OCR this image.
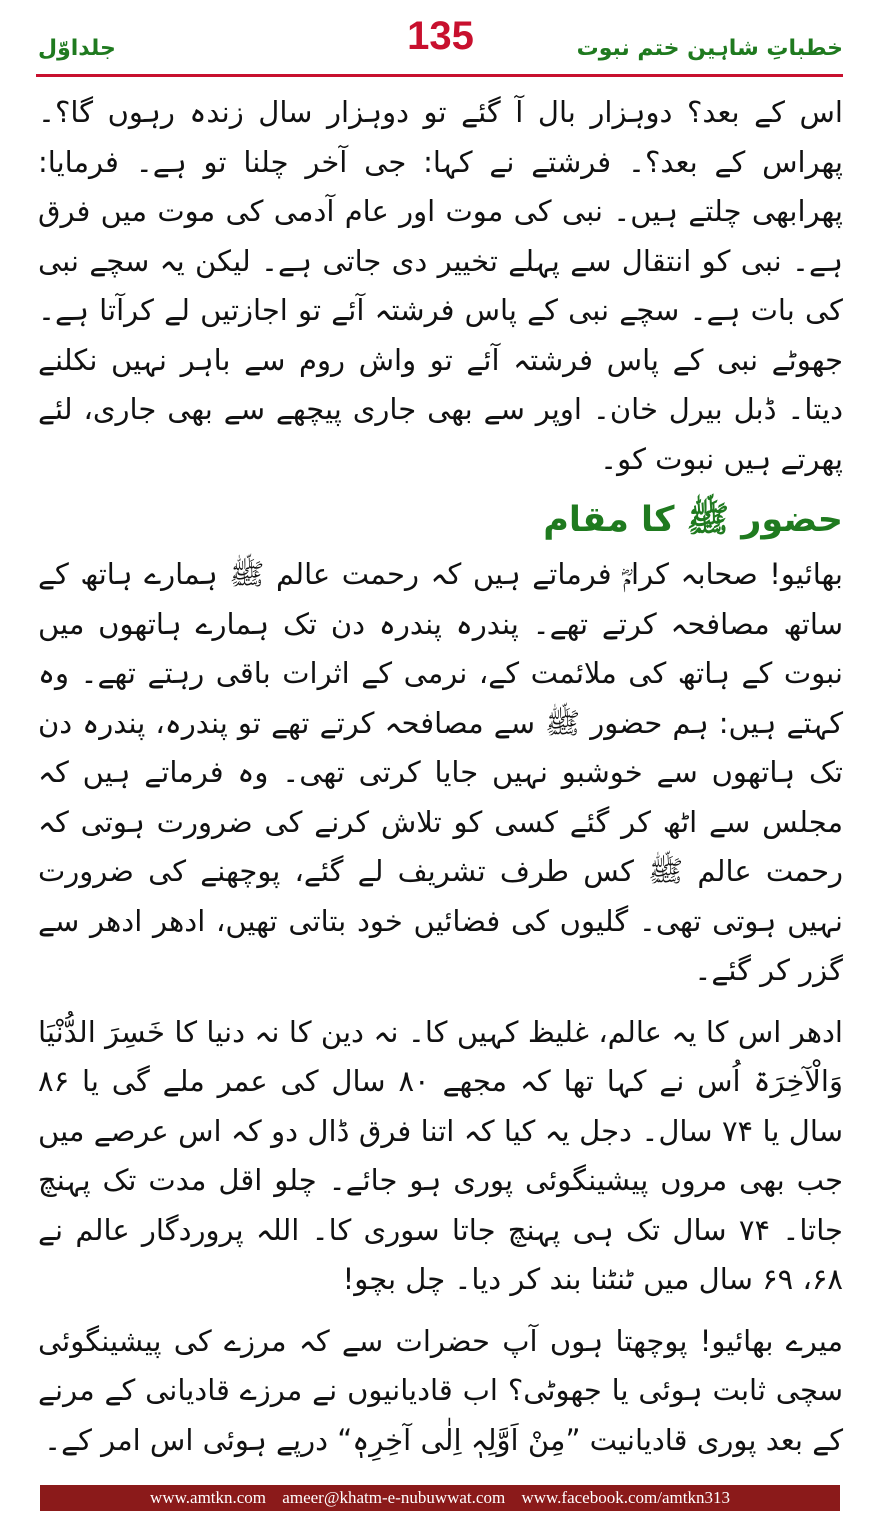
جلداوّل	135	خطباتِ شاہین ختم نبوت

اس کے بعد؟ دوہزار بال آ گئے تو دوہزار سال زندہ رہوں گا؟۔ پھراس کے بعد؟۔ فرشتے نے کہا: جی آخر چلنا تو ہے۔ فرمایا: پھرابھی چلتے ہیں۔ نبی کی موت اور عام آدمی کی موت میں فرق ہے۔ نبی کو انتقال سے پہلے تخییر دی جاتی ہے۔ لیکن یہ سچے نبی کی بات ہے۔ سچے نبی کے پاس فرشتہ آئے تو اجازتیں لے کرآتا ہے۔ جھوٹے نبی کے پاس فرشتہ آئے تو واش روم سے باہر نہیں نکلنے دیتا۔ ڈبل بیرل خان۔ اوپر سے بھی جاری پیچھے سے بھی جاری، لئے پھرتے ہیں نبوت کو۔

حضور ﷺ کا مقام

بھائیو! صحابہ کرامؓ فرماتے ہیں کہ رحمت عالم ﷺ ہمارے ہاتھ کے ساتھ مصافحہ کرتے تھے۔ پندرہ پندرہ دن تک ہمارے ہاتھوں میں نبوت کے ہاتھ کی ملائمت کے، نرمی کے اثرات باقی رہتے تھے۔ وہ کہتے ہیں: ہم حضور ﷺ سے مصافحہ کرتے تھے تو پندرہ، پندرہ دن تک ہاتھوں سے خوشبو نہیں جایا کرتی تھی۔ وہ فرماتے ہیں کہ مجلس سے اٹھ کر گئے کسی کو تلاش کرنے کی ضرورت ہوتی کہ رحمت عالم ﷺ کس طرف تشریف لے گئے، پوچھنے کی ضرورت نہیں ہوتی تھی۔ گلیوں کی فضائیں خود بتاتی تھیں، ادھر ادھر سے گزر کر گئے۔

ادھر اس کا یہ عالم، غلیظ کہیں کا۔ نہ دین کا نہ دنیا کا خَسِرَ الدُّنْیَا وَالْآخِرَۃ اُس نے کہا تھا کہ مجھے ۸۰ سال کی عمر ملے گی یا ۸۶ سال یا ۷۴ سال۔ دجل یہ کیا کہ اتنا فرق ڈال دو کہ اس عرصے میں جب بھی مروں پیشینگوئی پوری ہو جائے۔ چلو اقل مدت تک پہنچ جاتا۔ ۷۴ سال تک ہی پہنچ جاتا سوری کا۔ اللہ پروردگار عالم نے ۶۸، ۶۹ سال میں ٹنٹنا بند کر دیا۔ چل بچو!

میرے بھائیو! پوچھتا ہوں آپ حضرات سے کہ مرزے کی پیشینگوئی سچی ثابت ہوئی یا جھوٹی؟ اب قادیانیوں نے مرزے قادیانی کے مرنے کے بعد پوری قادیانیت ”مِنْ اَوَّلِہٖ اِلٰی آخِرِہٖ“ درپے ہوئی اس امر کے۔

www.amtkn.com ameer@khatm-e-nubuwwat.com www.facebook.com/amtkn313
